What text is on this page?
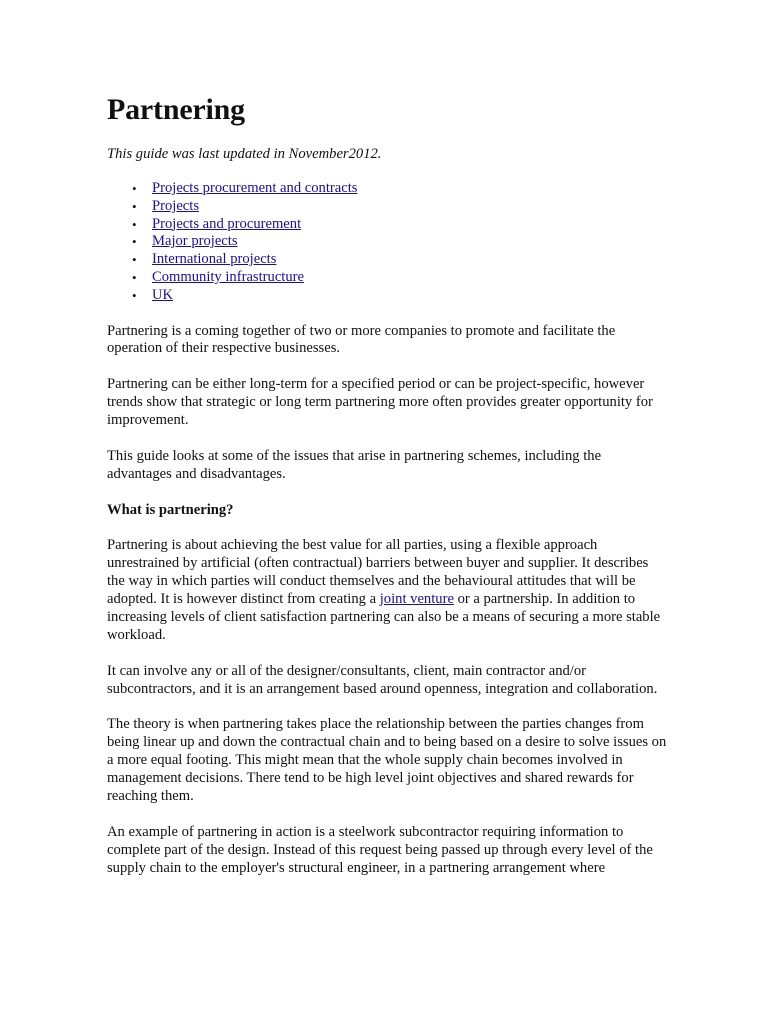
Partnering
This guide was last updated in November2012.
• Projects procurement and contracts
• Projects
• Projects and procurement
• Major projects
• International projects
• Community infrastructure
• UK

Partnering is a coming together of two or more companies to promote and facilitate the operation of their respective businesses.

Partnering can be either long-term for a specified period or can be project-specific, however trends show that strategic or long term partnering more often provides greater opportunity for improvement.

This guide looks at some of the issues that arise in partnering schemes, including the advantages and disadvantages.

What is partnering?

Partnering is about achieving the best value for all parties, using a flexible approach unrestrained by artificial (often contractual) barriers between buyer and supplier. It describes the way in which parties will conduct themselves and the behavioural attitudes that will be adopted. It is however distinct from creating a joint venture or a partnership. In addition to increasing levels of client satisfaction partnering can also be a means of securing a more stable workload.

It can involve any or all of the designer/consultants, client, main contractor and/or subcontractors, and it is an arrangement based around openness, integration and collaboration.

The theory is when partnering takes place the relationship between the parties changes from being linear up and down the contractual chain and to being based on a desire to solve issues on a more equal footing. This might mean that the whole supply chain becomes involved in management decisions. There tend to be high level joint objectives and shared rewards for reaching them.

An example of partnering in action is a steelwork subcontractor requiring information to complete part of the design. Instead of this request being passed up through every level of the supply chain to the employer's structural engineer, in a partnering arrangement where
